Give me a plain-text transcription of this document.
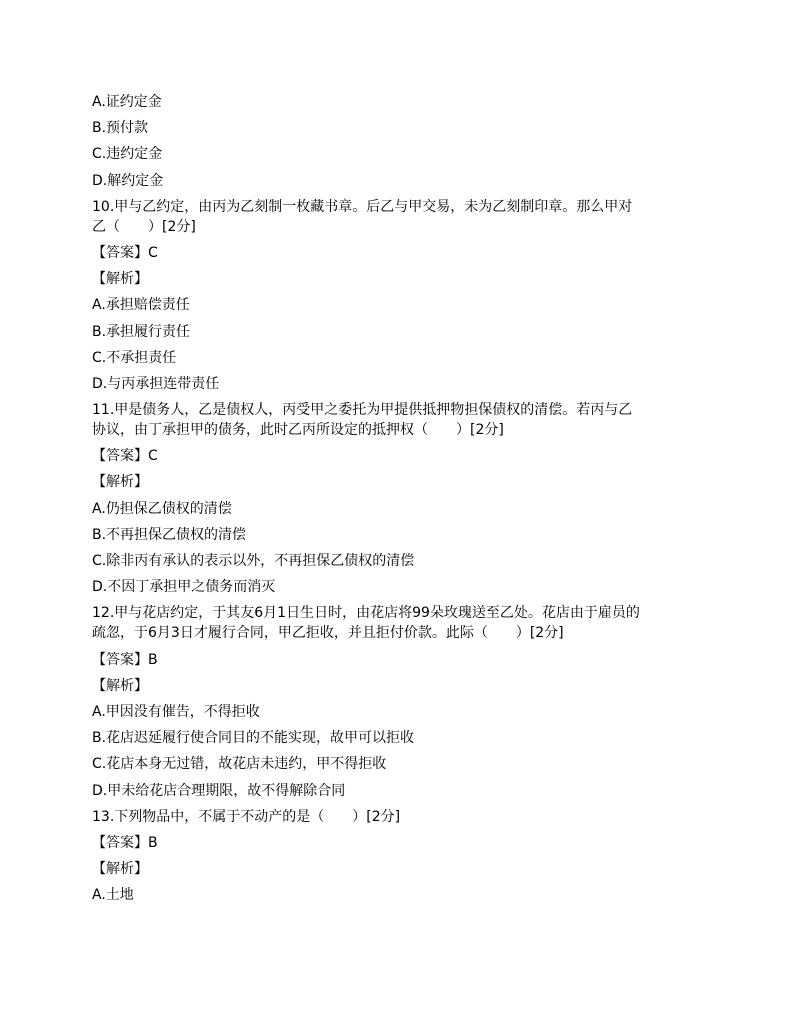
A.证约定金
B.预付款
C.违约定金
D.解约定金
10.甲与乙约定，由丙为乙刻制一枚藏书章。后乙与甲交易，未为乙刻制印章。那么甲对
乙（　　）[2分]
【答案】C
【解析】
A.承担赔偿责任
B.承担履行责任
C.不承担责任
D.与丙承担连带责任
11.甲是债务人，乙是债权人，丙受甲之委托为甲提供抵押物担保债权的清偿。若丙与乙
协议，由丁承担甲的债务，此时乙丙所设定的抵押权（　　）[2分]
【答案】C
【解析】
A.仍担保乙债权的清偿
B.不再担保乙债权的清偿
C.除非丙有承认的表示以外，不再担保乙债权的清偿
D.不因丁承担甲之债务而消灭
12.甲与花店约定，于其友6月1日生日时，由花店将99朵玫瑰送至乙处。花店由于雇员的
疏忽，于6月3日才履行合同，甲乙拒收，并且拒付价款。此际（　　）[2分]
【答案】B
【解析】
A.甲因没有催告，不得拒收
B.花店迟延履行使合同目的不能实现，故甲可以拒收
C.花店本身无过错，故花店未违约，甲不得拒收
D.甲未给花店合理期限，故不得解除合同
13.下列物品中，不属于不动产的是（　　）[2分]
【答案】B
【解析】
A.土地
